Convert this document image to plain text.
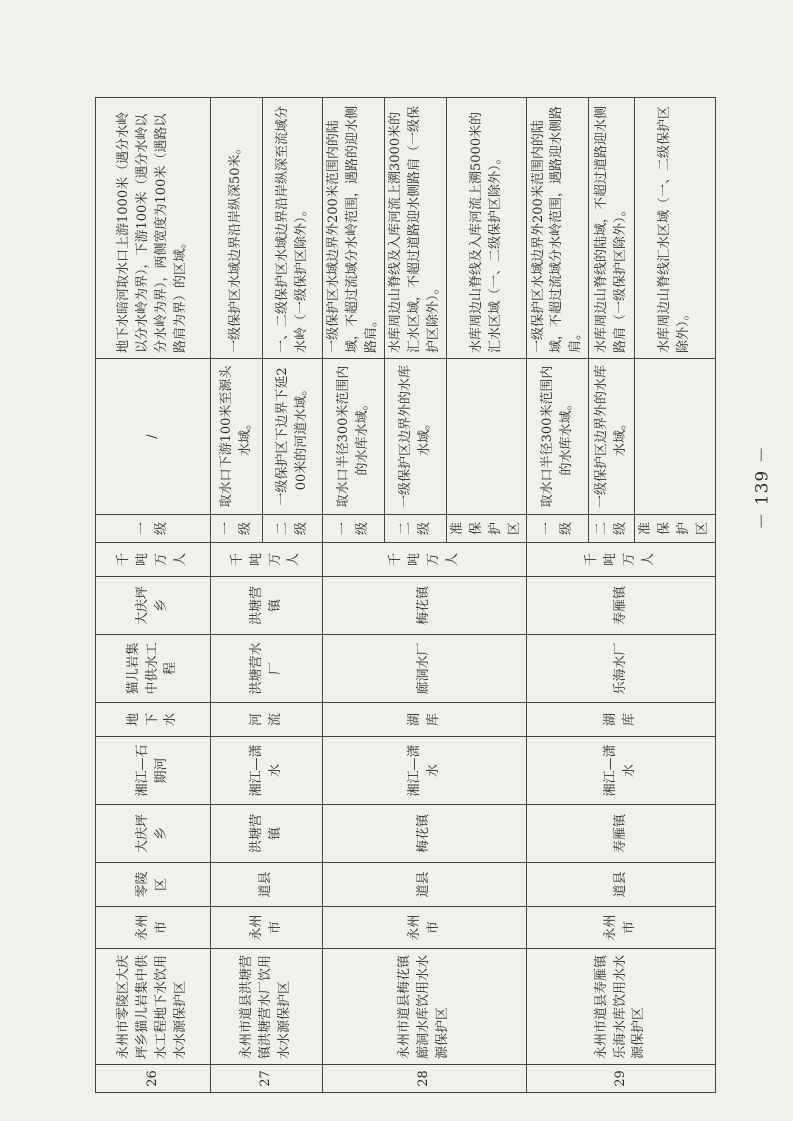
26	永州市零陵区大庆坪乡猫儿岩集中供水工程地下水饮用水水源保护区	永州市	零陵区	大庆坪乡	湘江—石期河	地下水	猫儿岩集中供水工程	大庆坪乡	千吨万人	一级	/	地下水暗河取水口上游1000米（遇分水岭以分水岭为界），下游100米（遇分水岭以分水岭为界），两侧宽度为100米（遇路以路肩为界）的区域。
27	永州市道县洪塘营镇洪塘营水厂饮用水水源保护区	永州市	道县	洪塘营镇	湘江—潇水	河流	洪塘营水厂	洪塘营镇	千吨万人	一级	取水口下游100米至源头水域。	一级保护区水域边界沿岸纵深50米。
										二级	一级保护区下边界下延200米的河道水域。	一、二级保护区水域边界沿岸纵深至流域分水岭（一级保护区除外）。
28	永州市道县梅花镇廊洞水库饮用水水源保护区	永州市	道县	梅花镇	湘江—潇水	湖库	廊洞水厂	梅花镇	千吨万人	一级	取水口半径300米范围内的水库水域。	一级保护区水域边界外200米范围内的陆域，不超过流域分水岭范围，遇路的迎水侧路肩。
										二级	一级保护区边界外的水库水域。	水库周边山脊线及入库河流上溯3000米的汇水区域，不超过道路迎水侧路肩（一级保护区除外）。
										准保护区		水库周边山脊线及入库河流上溯5000米的汇水区域（一、二级保护区除外）。
29	永州市道县寿雁镇乐海水库饮用水水源保护区	永州市	道县	寿雁镇	湘江—潇水	湖库	乐海水厂	寿雁镇	千吨万人	一级	取水口半径300米范围内的水库水域。	一级保护区水域边界外200米范围内的陆域，不超过流域分水岭范围，遇路迎水侧路肩。
										二级	一级保护区边界外的水库水域。	水库周边山脊线的陆域，不超过道路迎水侧路肩（一级保护区除外）。
										准保护区		水库周边山脊线汇水区域（一、二级保护区除外）。
－ 139 －
